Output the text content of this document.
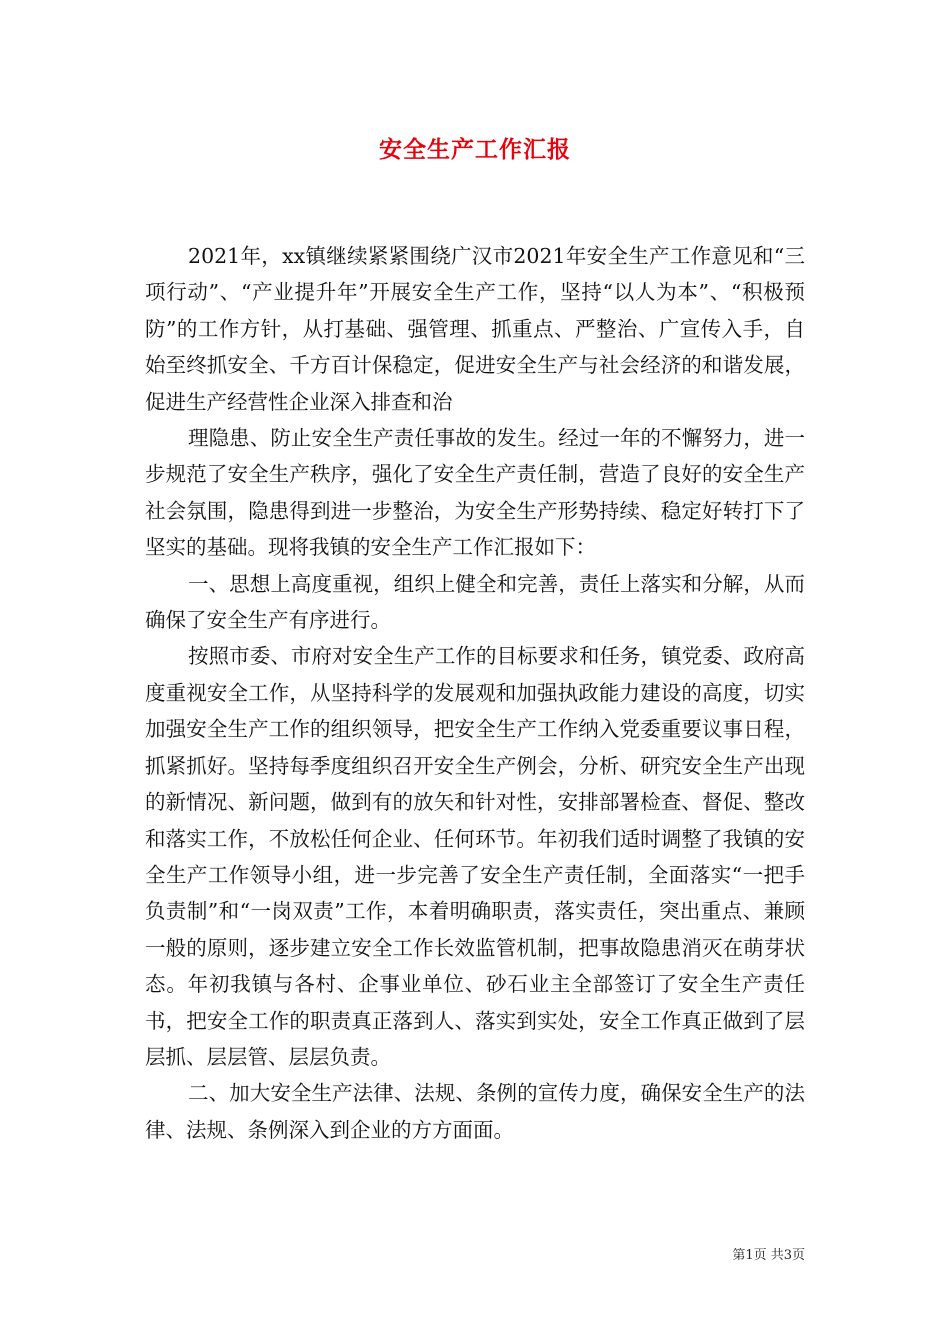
安全生产工作汇报

2021年，xx镇继续紧紧围绕广汉市2021年安全生产工作意见和“三项行动”、“产业提升年”开展安全生产工作，坚持“以人为本”、“积极预防”的工作方针，从打基础、强管理、抓重点、严整治、广宣传入手，自始至终抓安全、千方百计保稳定，促进安全生产与社会经济的和谐发展，促进生产经营性企业深入排查和治

理隐患、防止安全生产责任事故的发生。经过一年的不懈努力，进一步规范了安全生产秩序，强化了安全生产责任制，营造了良好的安全生产社会氛围，隐患得到进一步整治，为安全生产形势持续、稳定好转打下了坚实的基础。现将我镇的安全生产工作汇报如下：

一、思想上高度重视，组织上健全和完善，责任上落实和分解，从而确保了安全生产有序进行。

按照市委、市府对安全生产工作的目标要求和任务，镇党委、政府高度重视安全工作，从坚持科学的发展观和加强执政能力建设的高度，切实加强安全生产工作的组织领导，把安全生产工作纳入党委重要议事日程，抓紧抓好。坚持每季度组织召开安全生产例会，分析、研究安全生产出现的新情况、新问题，做到有的放矢和针对性，安排部署检查、督促、整改和落实工作，不放松任何企业、任何环节。年初我们适时调整了我镇的安全生产工作领导小组，进一步完善了安全生产责任制，全面落实“一把手负责制”和“一岗双责”工作，本着明确职责，落实责任，突出重点、兼顾一般的原则，逐步建立安全工作长效监管机制，把事故隐患消灭在萌芽状态。年初我镇与各村、企事业单位、砂石业主全部签订了安全生产责任书，把安全工作的职责真正落到人、落实到实处，安全工作真正做到了层层抓、层层管、层层负责。

二、加大安全生产法律、法规、条例的宣传力度，确保安全生产的法律、法规、条例深入到企业的方方面面。

第1页 共3页
